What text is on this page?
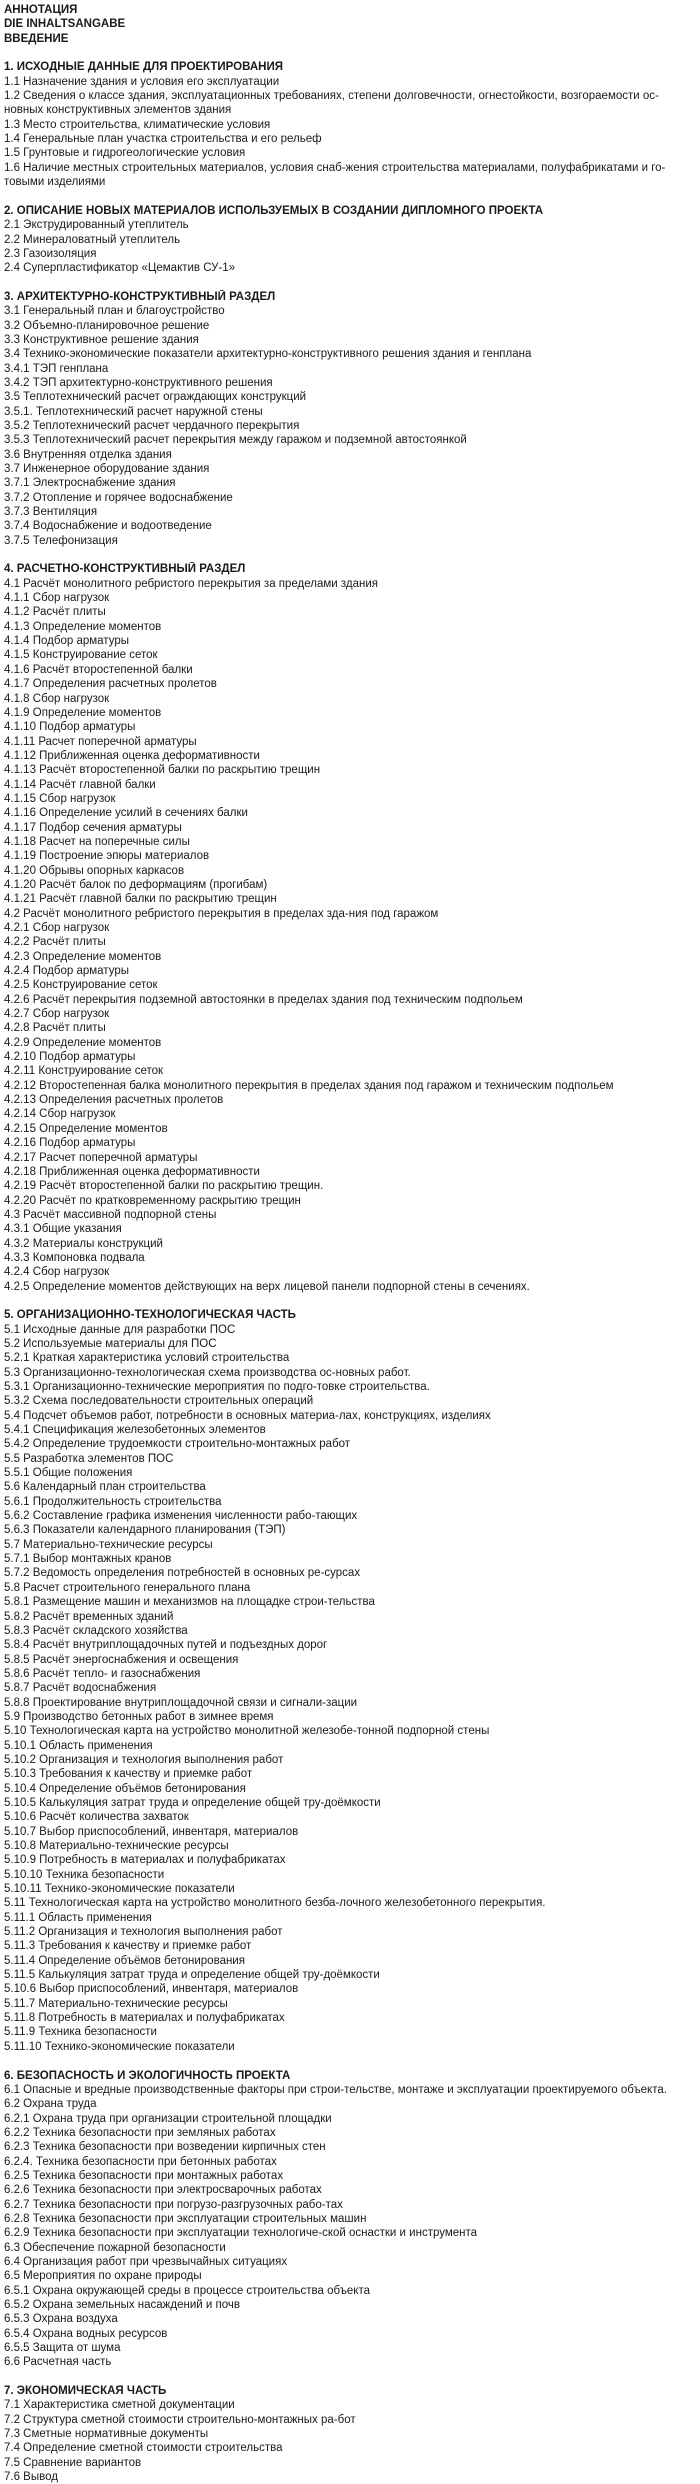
АННОТАЦИЯ
DIE INHALTSANGABE
ВВЕДЕНИЕ
1. ИСХОДНЫЕ ДАННЫЕ ДЛЯ ПРОЕКТИРОВАНИЯ
1.1 Назначение здания и условия его эксплуатации
1.2 Сведения о классе здания, эксплуатационных требованиях, степени долговечности, огнестойкости, возгораемости ос-новных конструктивных элементов здания
1.3 Место строительства, климатические условия
1.4 Генеральные план участка строительства и его рельеф
1.5 Грунтовые и гидрогеологические условия
1.6 Наличие местных строительных материалов, условия снаб-жения строительства материалами, полуфабрикатами и го-товыми изделиями
2. ОПИСАНИЕ НОВЫХ МАТЕРИАЛОВ ИСПОЛЬЗУЕМЫХ В СОЗДАНИИ ДИПЛОМНОГО ПРОЕКТА
2.1 Экструдированный утеплитель
2.2 Минераловатный утеплитель
2.3 Газоизоляция
2.4 Суперпластификатор «Цемактив СУ-1»
3. АРХИТЕКТУРНО-КОНСТРУКТИВНЫЙ РАЗДЕЛ
3.1 Генеральный план и благоустройство
3.2 Объемно-планировочное решение
3.3 Конструктивное решение здания
3.4 Технико-экономические показатели архитектурно-конструктивного решения здания и генплана
3.4.1 ТЭП генплана
3.4.2 ТЭП архитектурно-конструктивного решения
3.5 Теплотехнический расчет ограждающих конструкций
3.5.1. Теплотехнический расчет наружной стены
3.5.2 Теплотехнический расчет чердачного перекрытия
3.5.3 Теплотехнический расчет перекрытия между гаражом и подземной автостоянкой
3.6 Внутренняя отделка здания
3.7 Инженерное оборудование здания
3.7.1 Электроснабжение здания
3.7.2 Отопление и горячее водоснабжение
3.7.3 Вентиляция
3.7.4 Водоснабжение и водоотведение
3.7.5 Телефонизация
4. РАСЧЕТНО-КОНСТРУКТИВНЫЙ РАЗДЕЛ
4.1 Расчёт монолитного ребристого перекрытия за пределами здания
4.1.1 Сбор нагрузок
4.1.2 Расчёт плиты
4.1.3 Определение моментов
4.1.4 Подбор арматуры
4.1.5 Конструирование сеток
4.1.6 Расчёт второстепенной балки
4.1.7 Определения расчетных пролетов
4.1.8 Сбор нагрузок
4.1.9 Определение моментов
4.1.10 Подбор арматуры
4.1.11 Расчет поперечной арматуры
4.1.12 Приближенная оценка деформативности
4.1.13 Расчёт второстепенной балки по раскрытию трещин
4.1.14 Расчёт главной балки
4.1.15 Сбор нагрузок
4.1.16 Определение усилий в сечениях балки
4.1.17 Подбор сечения арматуры
4.1.18 Расчет на поперечные силы
4.1.19 Построение эпюры материалов
4.1.20 Обрывы опорных каркасов
4.1.20 Расчёт балок по деформациям (прогибам)
4.1.21 Расчёт главной балки по раскрытию трещин
4.2 Расчёт монолитного ребристого перекрытия в пределах зда-ния под гаражом
4.2.1 Сбор нагрузок
4.2.2 Расчёт плиты
4.2.3 Определение моментов
4.2.4 Подбор арматуры
4.2.5 Конструирование сеток
4.2.6 Расчёт перекрытия подземной автостоянки в пределах здания под техническим подпольем
4.2.7 Сбор нагрузок
4.2.8 Расчёт плиты
4.2.9 Определение моментов
4.2.10 Подбор арматуры
4.2.11 Конструирование сеток
4.2.12 Второстепенная балка монолитного перекрытия в пределах здания под гаражом и техническим подпольем
4.2.13 Определения расчетных пролетов
4.2.14 Сбор нагрузок
4.2.15 Определение моментов
4.2.16 Подбор арматуры
4.2.17 Расчет поперечной арматуры
4.2.18 Приближенная оценка деформативности
4.2.19 Расчёт второстепенной балки по раскрытию трещин.
4.2.20 Расчёт по кратковременному раскрытию трещин
4.3 Расчёт массивной подпорной стены
4.3.1 Общие указания
4.3.2 Материалы конструкций
4.3.3 Компоновка подвала
4.2.4 Сбор нагрузок
4.2.5 Определение моментов действующих на верх лицевой панели подпорной стены в сечениях.
5. ОРГАНИЗАЦИОННО-ТЕХНОЛОГИЧЕСКАЯ ЧАСТЬ
5.1 Исходные данные для разработки ПОС
5.2 Используемые материалы для ПОС
5.2.1 Краткая характеристика условий строительства
5.3 Организационно-технологическая схема производства ос-новных работ.
5.3.1 Организационно-технические мероприятия по подго-товке строительства.
5.3.2 Схема последовательности строительных операций
5.4 Подсчет объемов работ, потребности в основных материа-лах, конструкциях, изделиях
5.4.1 Спецификация железобетонных элементов
5.4.2 Определение трудоемкости строительно-монтажных работ
5.5 Разработка элементов ПОС
5.5.1 Общие положения
5.6 Календарный план строительства
5.6.1 Продолжительность строительства
5.6.2 Составление графика изменения численности рабо-тающих
5.6.3 Показатели календарного планирования (ТЭП)
5.7 Материально-технические ресурсы
5.7.1 Выбор монтажных кранов
5.7.2 Ведомость определения потребностей в основных ре-сурсах
5.8 Расчет строительного генерального плана
5.8.1 Размещение машин и механизмов на площадке строи-тельства
5.8.2 Расчёт временных зданий
5.8.3 Расчёт складского хозяйства
5.8.4 Расчёт внутриплощадочных путей и подъездных дорог
5.8.5 Расчёт энергоснабжения и освещения
5.8.6 Расчёт тепло- и газоснабжения
5.8.7 Расчёт водоснабжения
5.8.8 Проектирование внутриплощадочной связи и сигнали-зации
5.9 Производство бетонных работ в зимнее время
5.10 Технологическая карта на устройство монолитной железобе-тонной подпорной стены
5.10.1 Область применения
5.10.2 Организация и технология выполнения работ
5.10.3 Требования к качеству и приемке работ
5.10.4 Определение объёмов бетонирования
5.10.5 Калькуляция затрат труда и определение общей тру-доёмкости
5.10.6 Расчёт количества захваток
5.10.7 Выбор приспособлений, инвентаря, материалов
5.10.8 Материально-технические ресурсы
5.10.9 Потребность в материалах и полуфабрикатах
5.10.10 Техника безопасности
5.10.11 Технико-экономические показатели
5.11 Технологическая карта на устройство монолитного безба-лочного железобетонного перекрытия.
5.11.1 Область применения
5.11.2 Организация и технология выполнения работ
5.11.3 Требования к качеству и приемке работ
5.11.4 Определение объёмов бетонирования
5.11.5 Калькуляция затрат труда и определение общей тру-доёмкости
5.10.6 Выбор приспособлений, инвентаря, материалов
5.11.7 Материально-технические ресурсы
5.11.8 Потребность в материалах и полуфабрикатах
5.11.9 Техника безопасности
5.11.10 Технико-экономические показатели
6. БЕЗОПАСНОСТЬ И ЭКОЛОГИЧНОСТЬ ПРОЕКТА
6.1 Опасные и вредные производственные факторы при строи-тельстве, монтаже и эксплуатации проектируемого объекта.
6.2 Охрана труда
6.2.1 Охрана труда при организации строительной площадки
6.2.2 Техника безопасности при земляных работах
6.2.3 Техника безопасности при возведении кирпичных стен
6.2.4. Техника безопасности при бетонных работах
6.2.5 Техника безопасности при монтажных работах
6.2.6 Техника безопасности при электросварочных работах
6.2.7 Техника безопасности при погрузо-разгрузочных рабо-тах
6.2.8 Техника безопасности при эксплуатации строительных машин
6.2.9 Техника безопасности при эксплуатации технологиче-ской оснастки и инструмента
6.3 Обеспечение пожарной безопасности
6.4 Организация работ при чрезвычайных ситуациях
6.5 Мероприятия по охране природы
6.5.1 Охрана окружающей среды в процессе строительства объекта
6.5.2 Охрана земельных насаждений и почв
6.5.3 Охрана воздуха
6.5.4 Охрана водных ресурсов
6.5.5 Защита от шума
6.6 Расчетная часть
7. ЭКОНОМИЧЕСКАЯ ЧАСТЬ
7.1 Характеристика сметной документации
7.2 Структура сметной стоимости строительно-монтажных ра-бот
7.3 Сметные нормативные документы
7.4 Определение сметной стоимости строительства
7.5 Сравнение вариантов
7.6 Вывод
